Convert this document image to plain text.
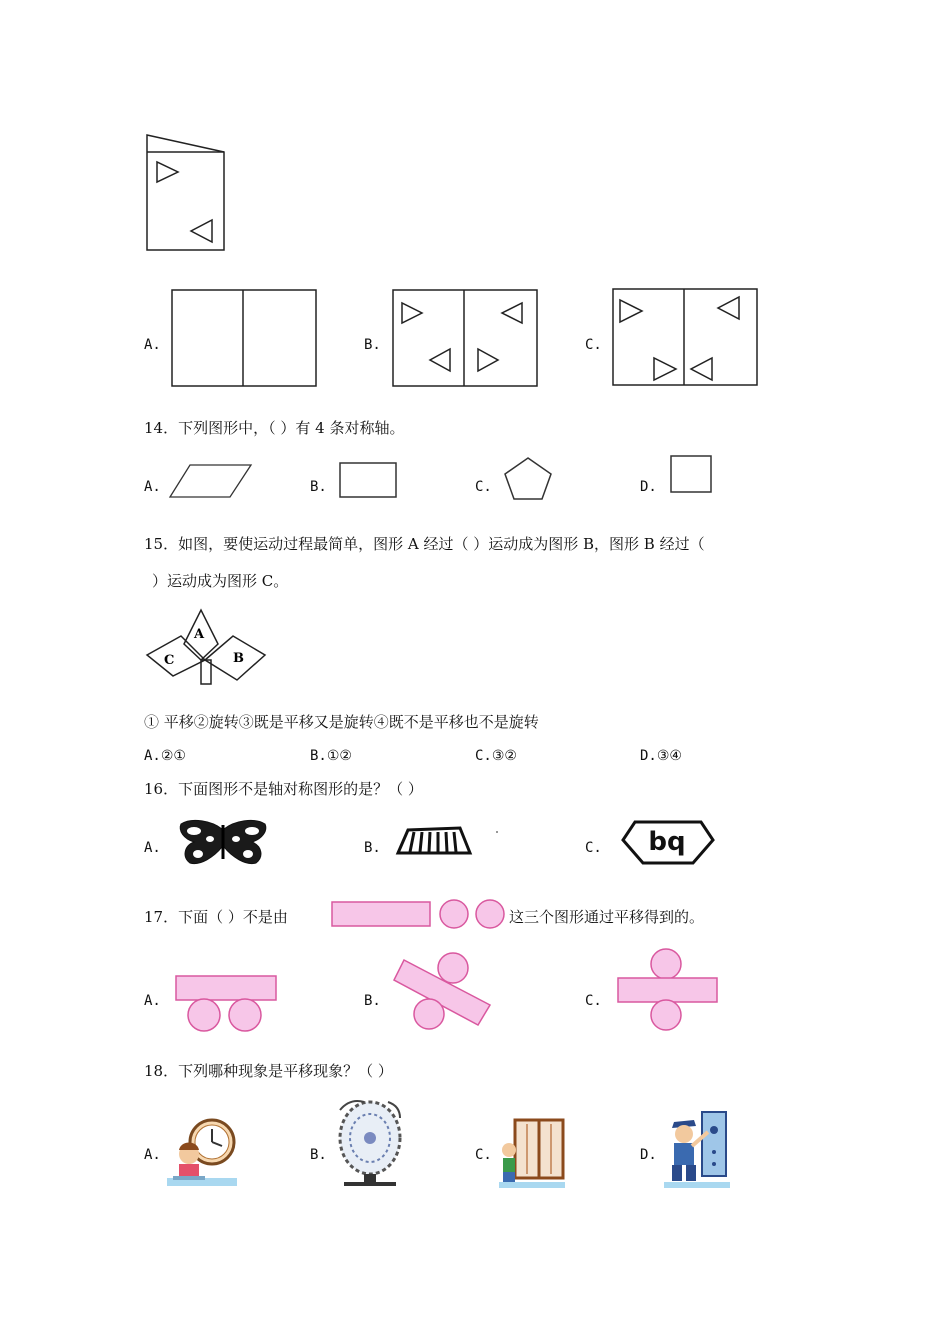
A.	B.	C.
14．下列图形中，（ ）有 4 条对称轴。
A.	B.	C.	D.
15．如图，要使运动过程最简单，图形 A 经过（ ）运动成为图形 B，图形 B 经过（
）运动成为图形 C。
A
B
C
① 平移②旋转③既是平移又是旋转④既不是平移也不是旋转
A.②①	B.①②	C.③②	D.③④
16．下面图形不是轴对称图形的是？（ ）
A.	B.	C. bq
17．下面（ ）不是由	这三个图形通过平移得到的。
A.	B.	C.
18．下列哪种现象是平移现象？（ ）
A.	B.	C.	D.
